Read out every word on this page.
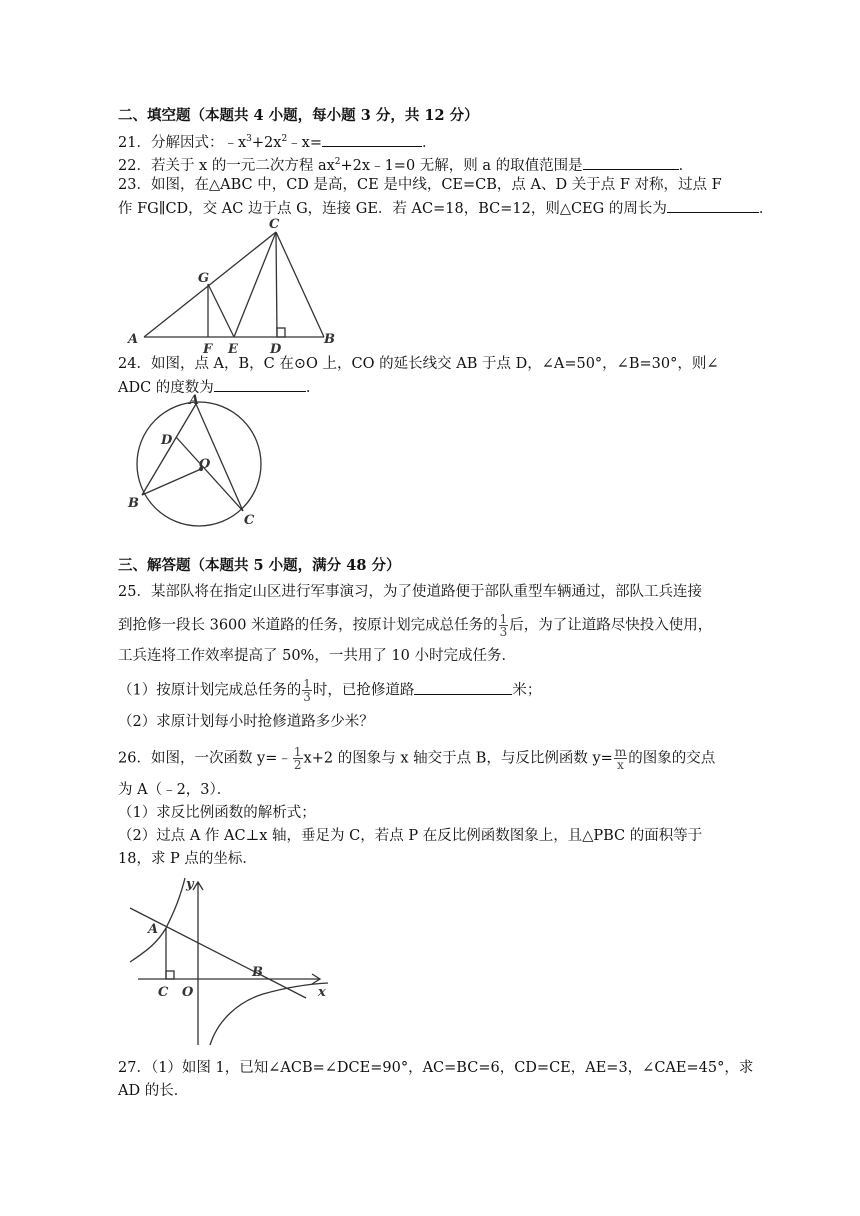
二、填空题（本题共 4 小题，每小题 3 分，共 12 分）
21．分解因式：$﹣x^3+2x^2﹣x=$	．
22．若关于 x 的一元二次方程 $ax^2+2x﹣1=0$ 无解，则 a 的取值范围是	．
23．如图，在△ABC 中，CD 是高，CE 是中线，CE=CB，点 A、D 关于点 F 对称，过点 F
作 FG∥CD，交 AC 边于点 G，连接 GE．若 AC=18，BC=12，则△CEG 的周长为	．
C
G
A
F E D
B
24．如图，点 A，B，C 在⊙O 上，CO 的延长线交 AB 于点 D，∠A=50°，∠B=30°，则∠
ADC 的度数为	．
A
D
O
B
C
三、解答题（本题共 5 小题，满分 48 分）
25．某部队将在指定山区进行军事演习，为了使道路便于部队重型车辆通过，部队工兵连接
到抢修一段长 3600 米道路的任务，按原计划完成总任务的 $\frac{1}{3}$ 后，为了让道路尽快投入使用，
工兵连将工作效率提高了 50%，一共用了 10 小时完成任务．
（1）按原计划完成总任务的 $\frac{1}{3}$ 时，已抢修道路	米；
（2）求原计划每小时抢修道路多少米？
26．如图，一次函数 y=﹣ $\frac{1}{2} x+2$ 的图象与 x 轴交于点 B，与反比例函数 $y= \frac{m}{x}$ 的图象的交点
为 A（﹣2，3）．
（1）求反比例函数的解析式；
（2）过点 A 作 AC⊥x 轴，垂足为 C，若点 P 在反比例函数图象上，且△PBC 的面积等于
18，求 P 点的坐标．
y
A
B
C O	x
27．（1）如图 1，已知∠ACB=∠DCE=90°，AC=BC=6，CD=CE，AE=3，∠CAE=45°，求
AD 的长．
